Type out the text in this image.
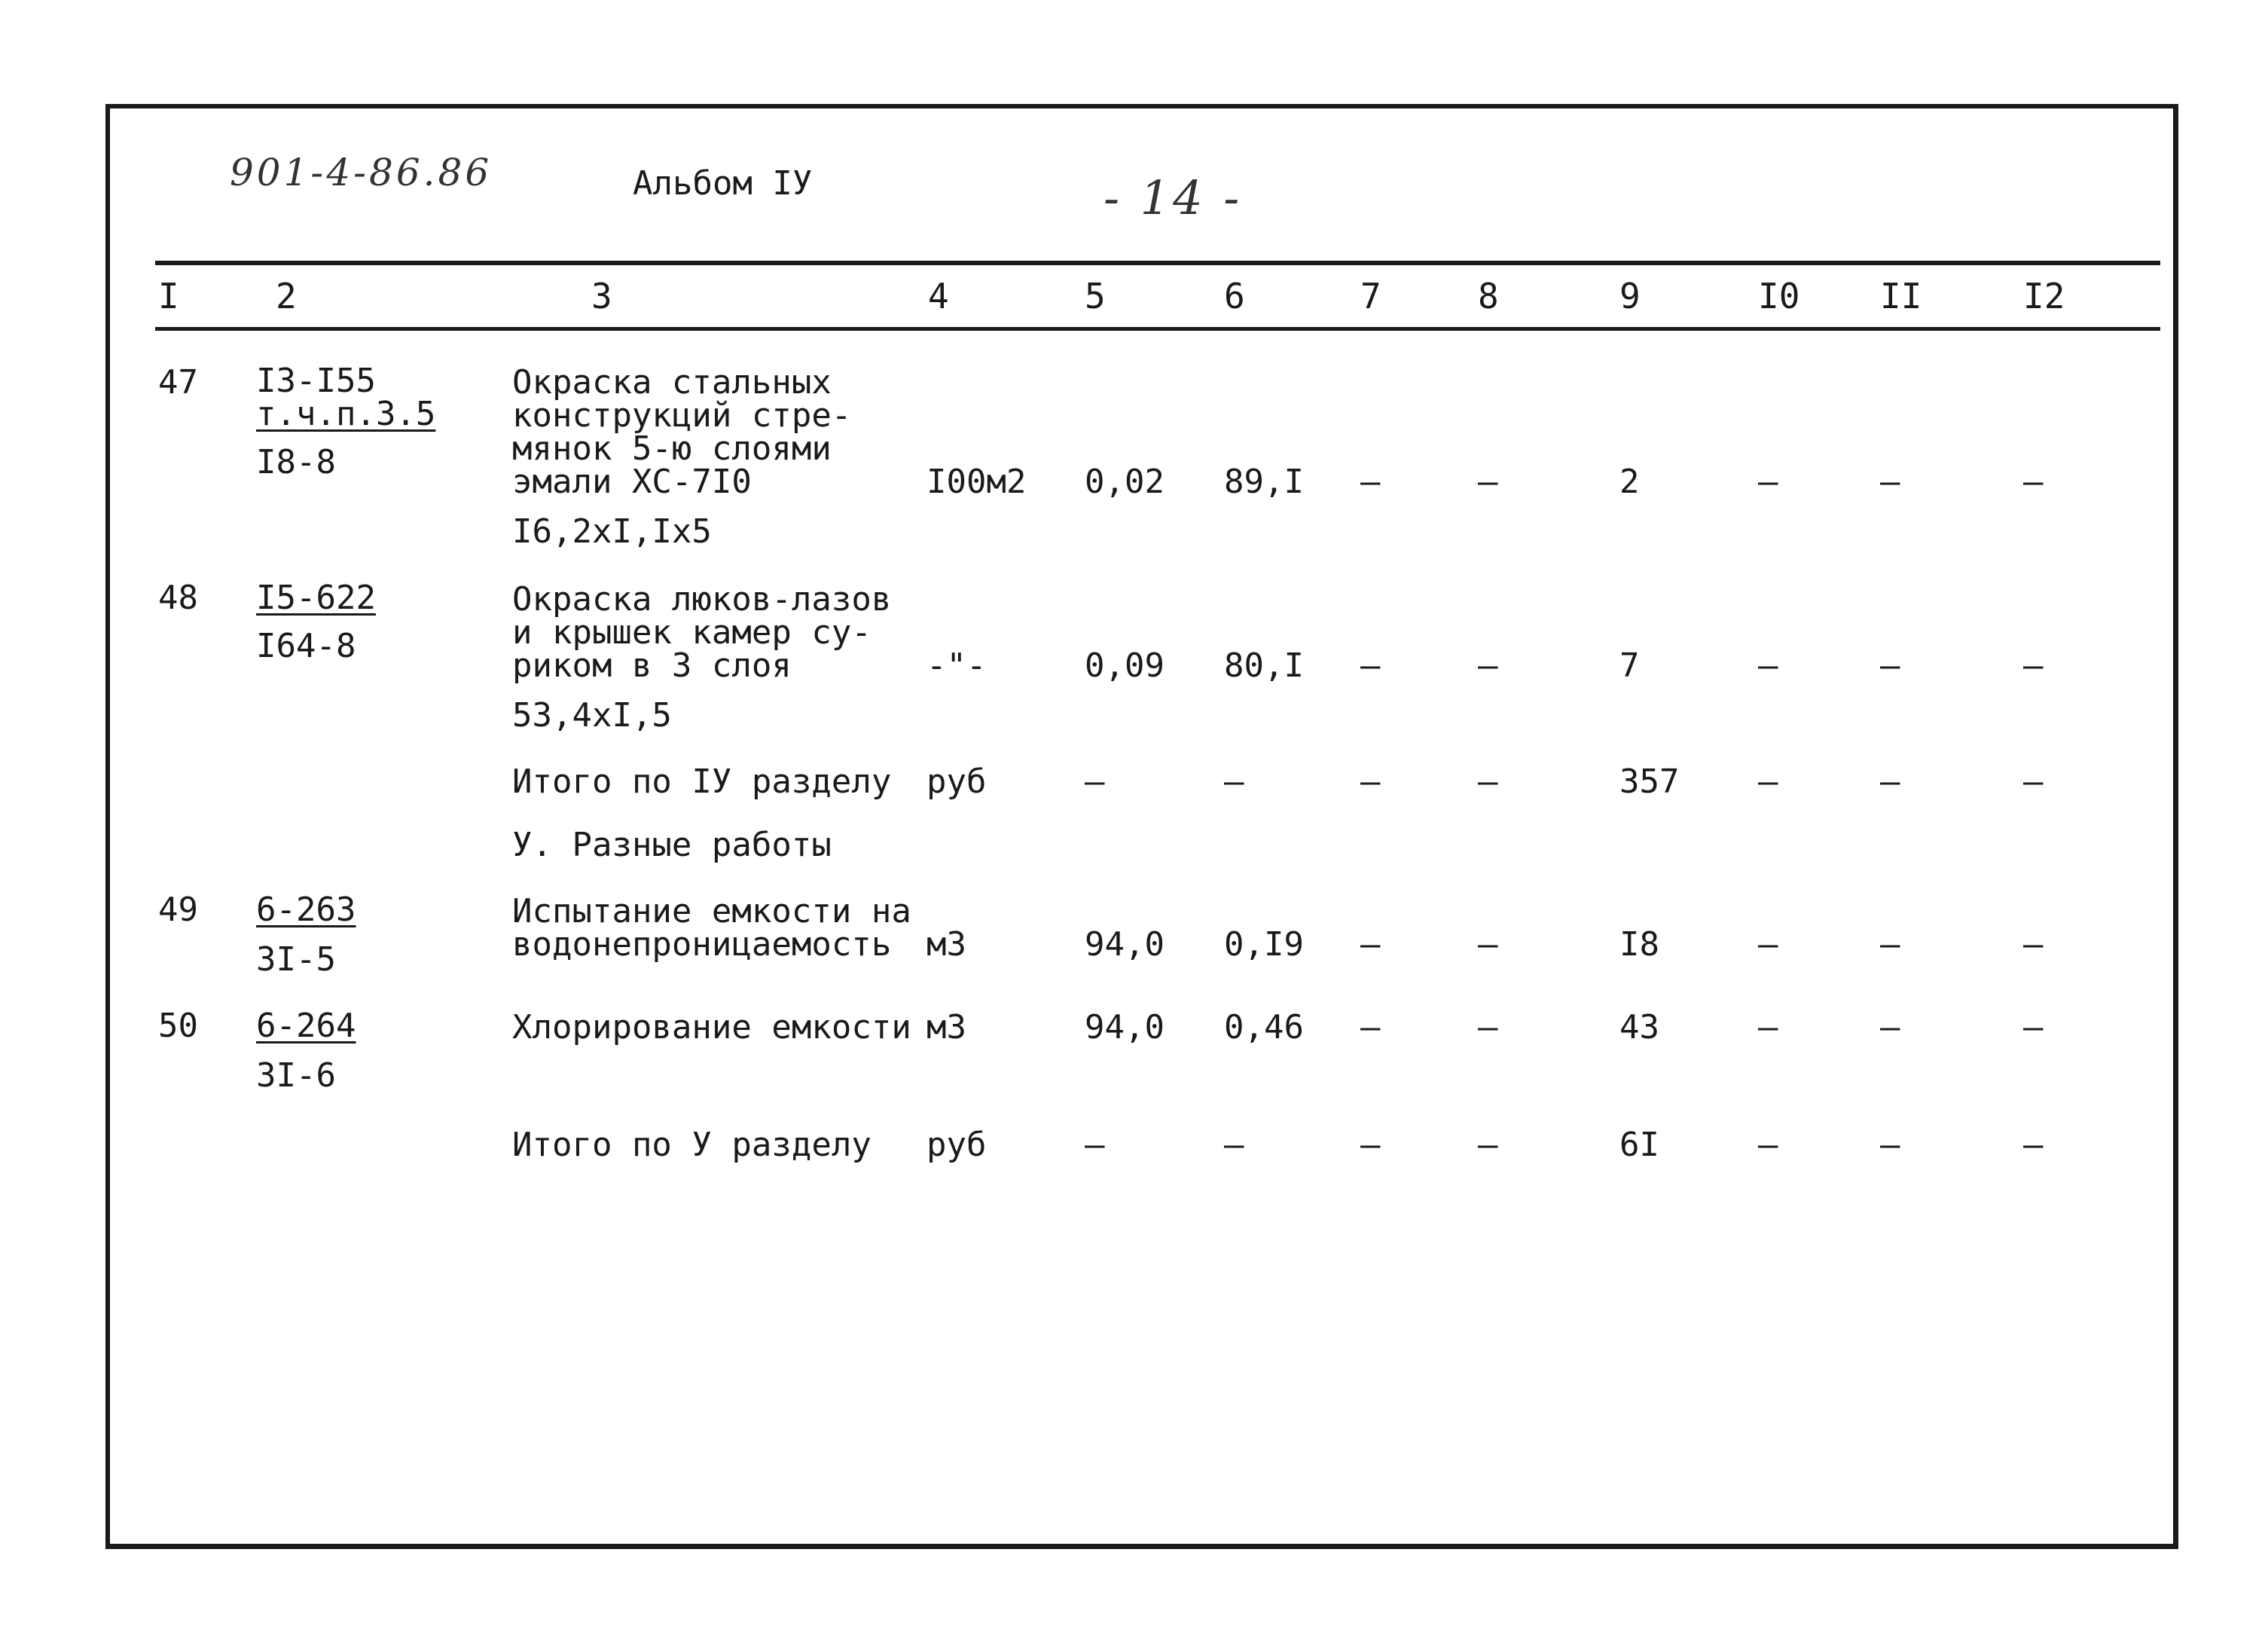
901-4-86.86	Альбом IУ	- 14 -
I	2	3	4	5	6	7	8	9	I0 II	I2
47 I3-I55
т.ч.п.3.5
I8-8
Окраска стальных
конструкций стре-
мянок 5-ю слоями
эмали ХС-7I0
I6,2хI,Iх5
I00м2 0,02 89,I –	–	2	–	–	–
48 I5-622
I64-8
Окраска люков-лазов
и крышек камер су-
риком в 3 слоя
53,4хI,5
-"-	0,09 80,I –	–	7	–	–	–
Итого по IУ разделу руб	–	–	–	–	357 –	–	–
У. Разные работы
49 6-263
3I-5
Испытание емкости на
водонепроницаемость м3	94,0 0,I9 –	–	I8	–	–	–
50 6-264
3I-6
Хлорирование емкости м3	94,0 0,46 –	–	43	–	–	–
Итого по У разделу руб	–	–	–	–	6I	–	–	–
